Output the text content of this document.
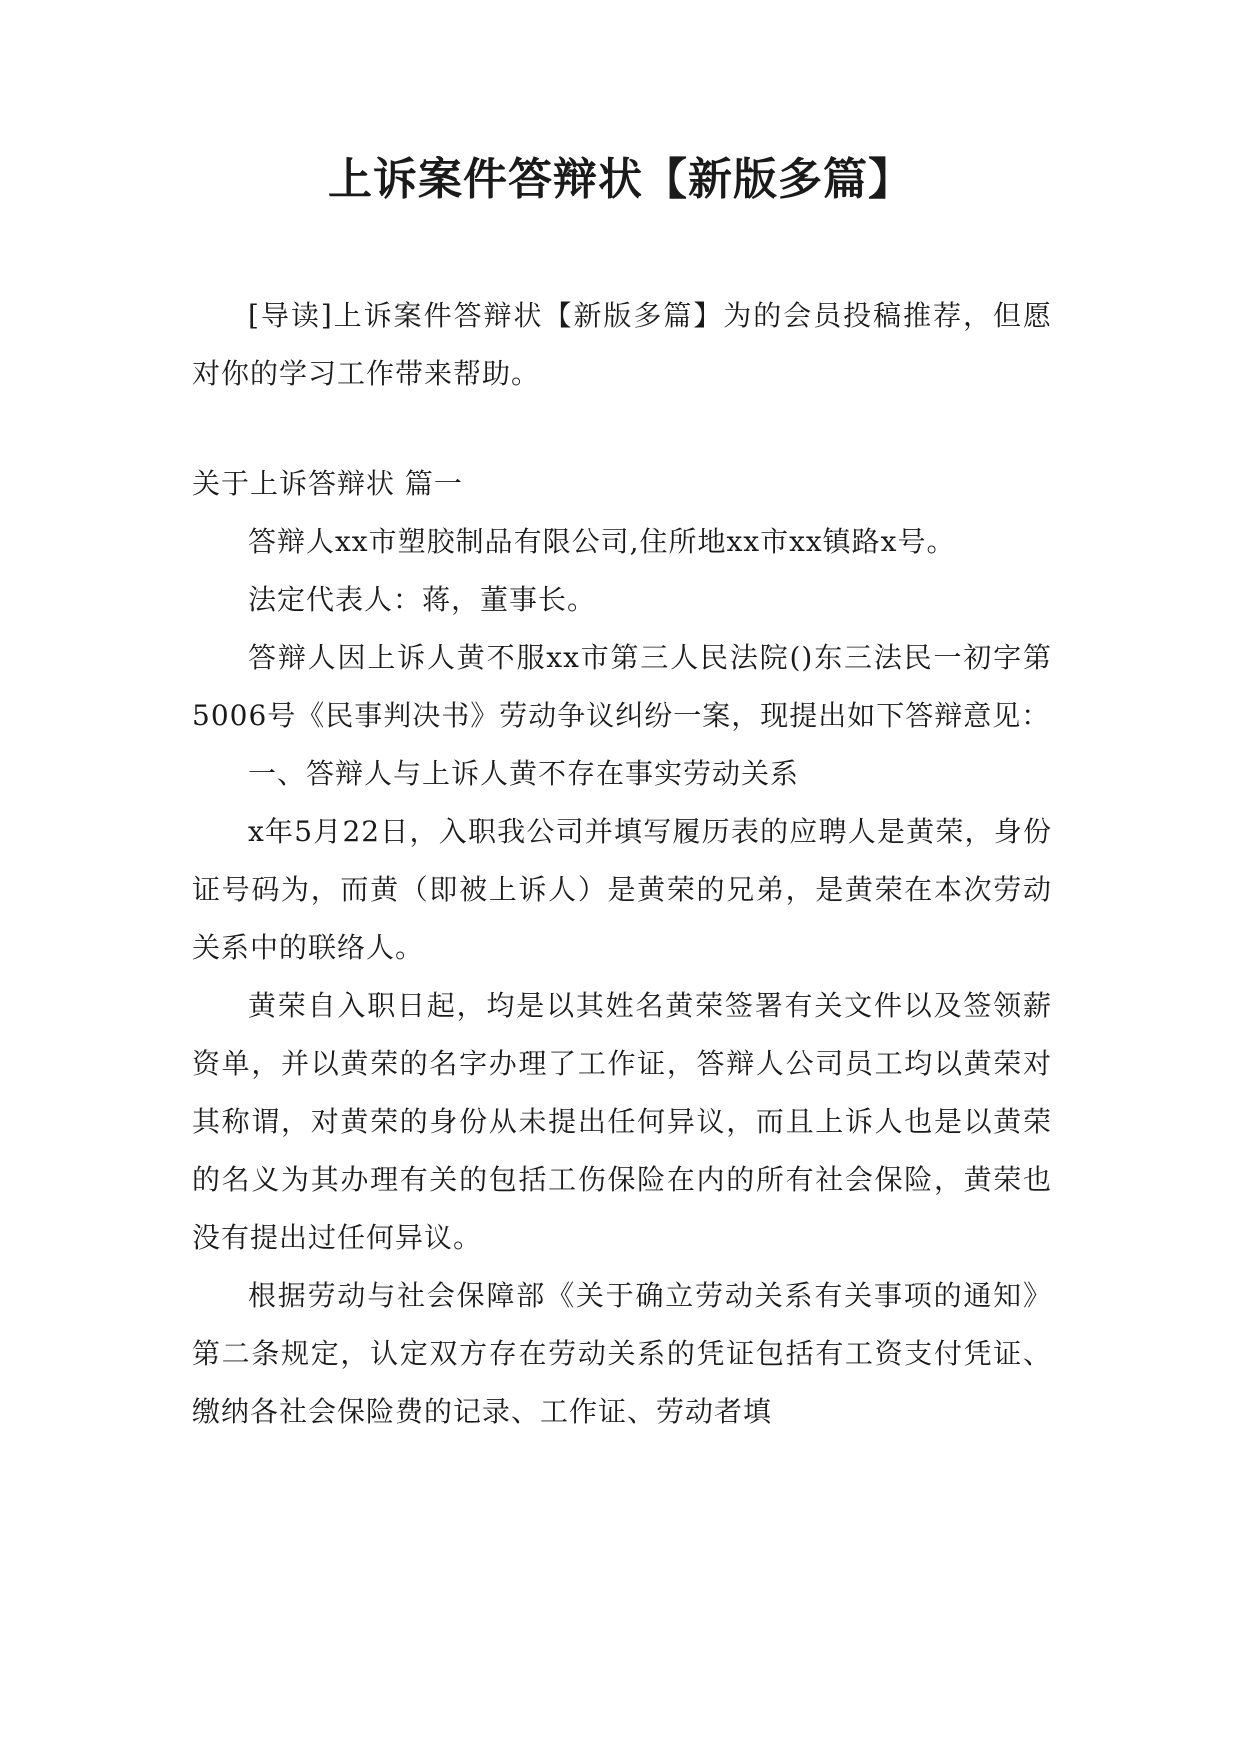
上诉案件答辩状【新版多篇】

[导读]上诉案件答辩状【新版多篇】为的会员投稿推荐，但愿对你的学习工作带来帮助。

关于上诉答辩状 篇一

答辩人xx市塑胶制品有限公司,住所地xx市xx镇路x号。

法定代表人：蒋，董事长。

答辩人因上诉人黄不服xx市第三人民法院()东三法民一初字第5006号《民事判决书》劳动争议纠纷一案，现提出如下答辩意见：

一、答辩人与上诉人黄不存在事实劳动关系

x年5月22日，入职我公司并填写履历表的应聘人是黄荣，身份证号码为，而黄（即被上诉人）是黄荣的兄弟，是黄荣在本次劳动关系中的联络人。

黄荣自入职日起，均是以其姓名黄荣签署有关文件以及签领薪资单，并以黄荣的名字办理了工作证，答辩人公司员工均以黄荣对其称谓，对黄荣的身份从未提出任何异议，而且上诉人也是以黄荣的名义为其办理有关的包括工伤保险在内的所有社会保险，黄荣也没有提出过任何异议。

根据劳动与社会保障部《关于确立劳动关系有关事项的通知》第二条规定，认定双方存在劳动关系的凭证包括有工资支付凭证、缴纳各社会保险费的记录、工作证、劳动者填
